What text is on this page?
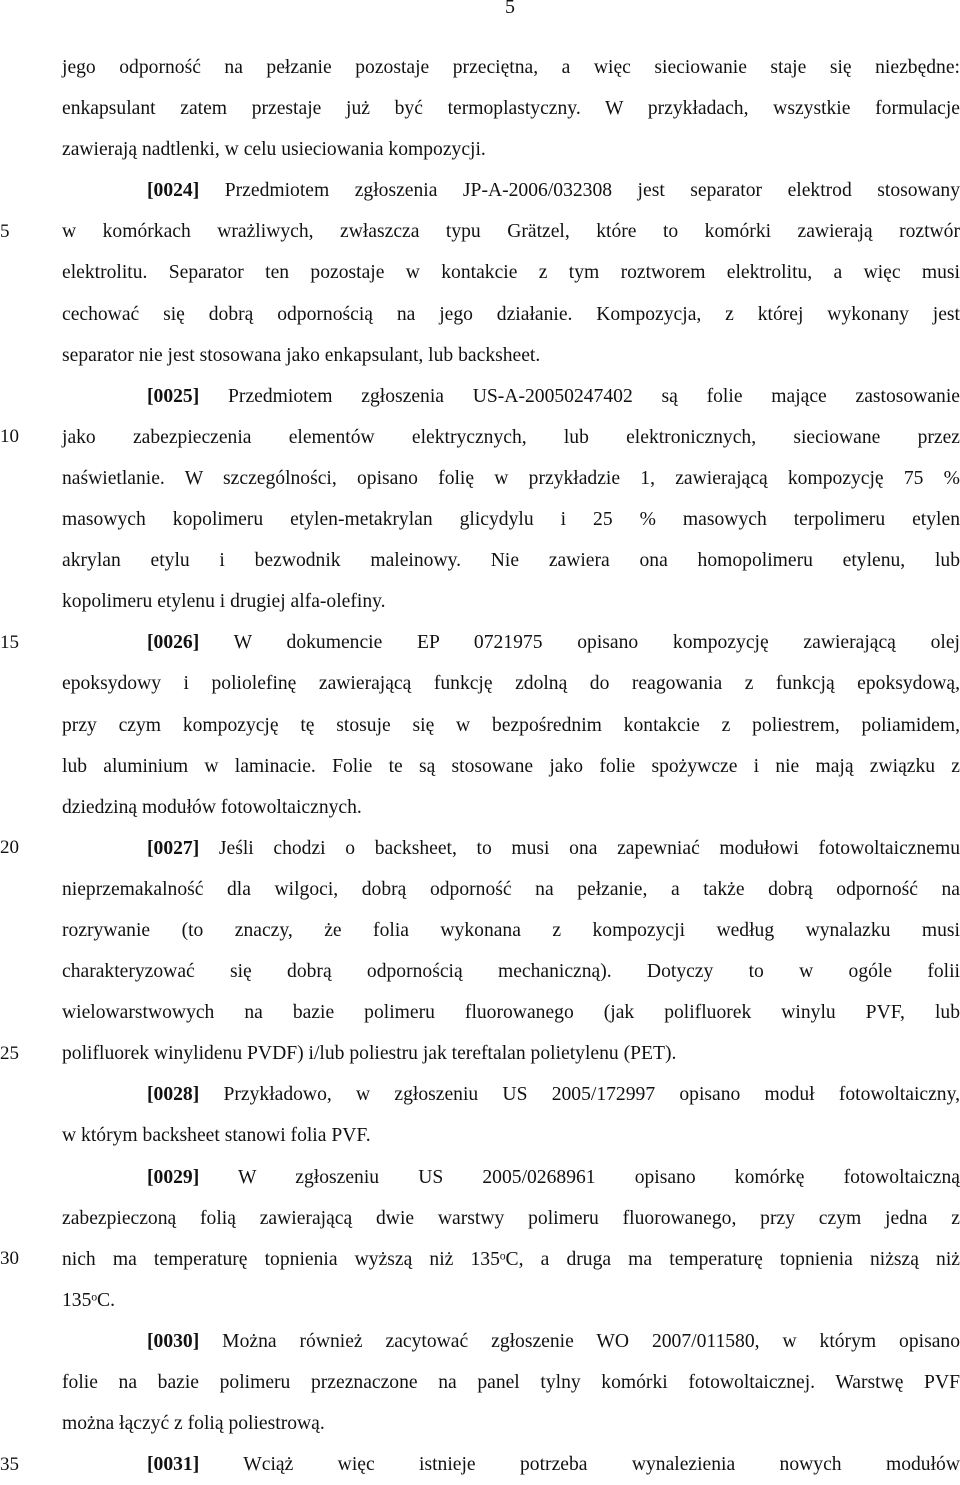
5
5
10
15
20
25
30
35
jego odporność na pełzanie pozostaje przeciętna, a więc sieciowanie staje się niezbędne:
enkapsulant zatem przestaje już być termoplastyczny. W przykładach, wszystkie formulacje
zawierają nadtlenki, w celu usieciowania kompozycji.
[0024] Przedmiotem zgłoszenia JP-A-2006/032308 jest separator elektrod stosowany
w komórkach wrażliwych, zwłaszcza typu Grätzel, które to komórki zawierają roztwór
elektrolitu. Separator ten pozostaje w kontakcie z tym roztworem elektrolitu, a więc musi
cechować się dobrą odpornością na jego działanie. Kompozycja, z której wykonany jest
separator nie jest stosowana jako enkapsulant, lub backsheet.
[0025] Przedmiotem zgłoszenia US-A-20050247402 są folie mające zastosowanie
jako zabezpieczenia elementów elektrycznych, lub elektronicznych, sieciowane przez
naświetlanie. W szczególności, opisano folię w przykładzie 1, zawierającą kompozycję 75 %
masowych kopolimeru etylen-metakrylan glicydylu i 25 % masowych terpolimeru etylen
akrylan etylu i bezwodnik maleinowy. Nie zawiera ona homopolimeru etylenu, lub
kopolimeru etylenu i drugiej alfa-olefiny.
[0026] W dokumencie EP 0721975 opisano kompozycję zawierającą olej
epoksydowy i poliolefinę zawierającą funkcję zdolną do reagowania z funkcją epoksydową,
przy czym kompozycję tę stosuje się w bezpośrednim kontakcie z poliestrem, poliamidem,
lub aluminium w laminacie. Folie te są stosowane jako folie spożywcze i nie mają związku z
dziedziną modułów fotowoltaicznych.
[0027] Jeśli chodzi o backsheet, to musi ona zapewniać modułowi fotowoltaicznemu
nieprzemakalność dla wilgoci, dobrą odporność na pełzanie, a także dobrą odporność na
rozrywanie (to znaczy, że folia wykonana z kompozycji według wynalazku musi
charakteryzować się dobrą odpornością mechaniczną). Dotyczy to w ogóle folii
wielowarstwowych na bazie polimeru fluorowanego (jak polifluorek winylu PVF, lub
polifluorek winylidenu PVDF) i/lub poliestru jak tereftalan polietylenu (PET).
[0028] Przykładowo, w zgłoszeniu US 2005/172997 opisano moduł fotowoltaiczny,
w którym backsheet stanowi folia PVF.
[0029] W zgłoszeniu US 2005/0268961 opisano komórkę fotowoltaiczną
zabezpieczoną folią zawierającą dwie warstwy polimeru fluorowanego, przy czym jedna z
nich ma temperaturę topnienia wyższą niż 135ᵒC, a druga ma temperaturę topnienia niższą niż
135ᵒC.
[0030] Można również zacytować zgłoszenie WO 2007/011580, w którym opisano
folie na bazie polimeru przeznaczone na panel tylny komórki fotowoltaicznej. Warstwę PVF
można łączyć z folią poliestrową.
[0031] Wciąż więc istnieje potrzeba wynalezienia nowych modułów
